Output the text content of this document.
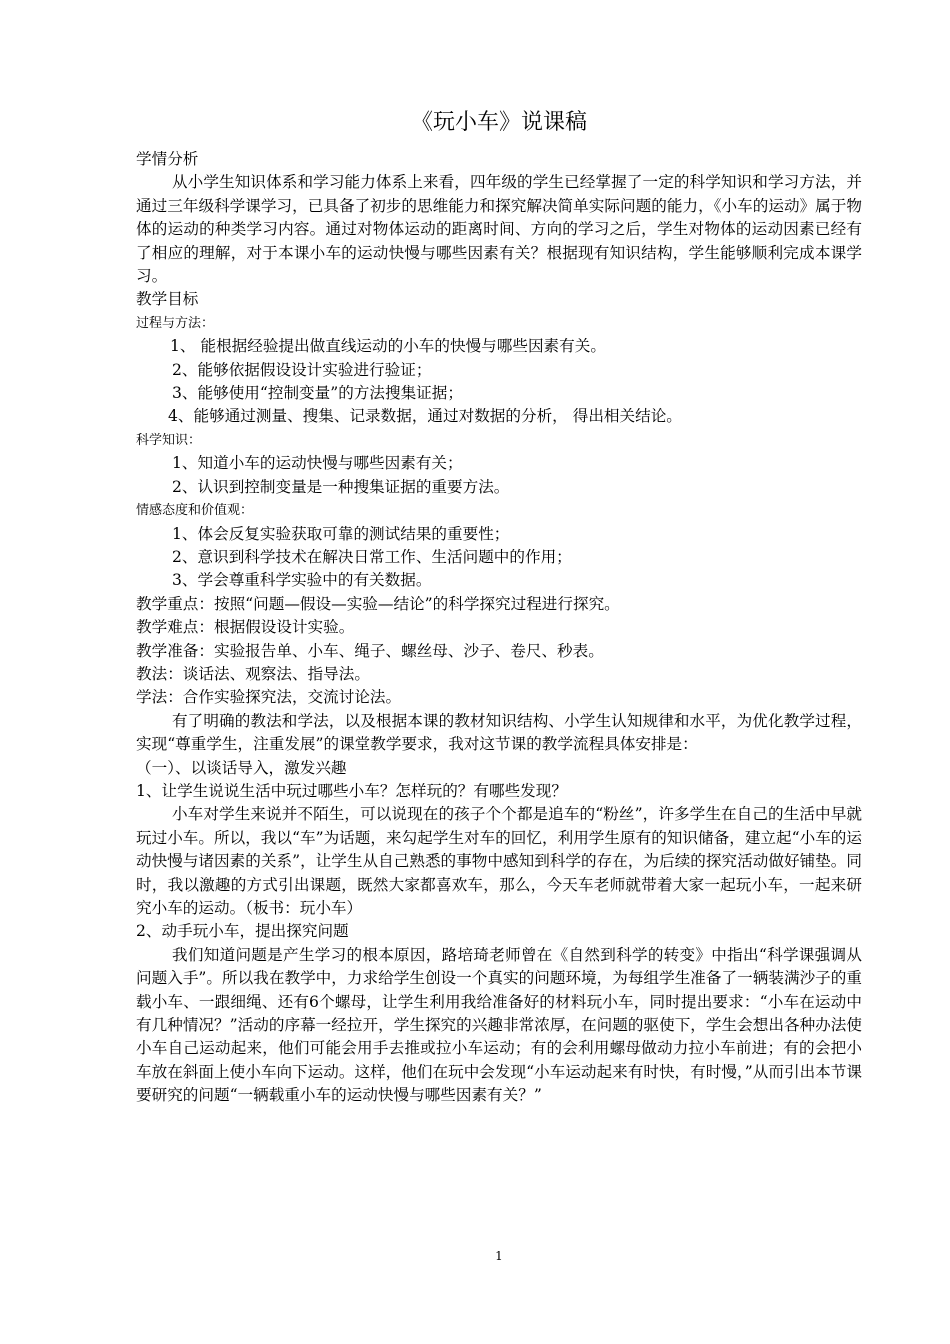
《玩小车》说课稿

学情分析

从小学生知识体系和学习能力体系上来看，四年级的学生已经掌握了一定的科学知识和学习方法，并通过三年级科学课学习，已具备了初步的思维能力和探究解决简单实际问题的能力，《小车的运动》属于物体的运动的种类学习内容。通过对物体运动的距离时间、方向的学习之后，学生对物体的运动因素已经有了相应的理解，对于本课小车的运动快慢与哪些因素有关？根据现有知识结构，学生能够顺利完成本课学习。

教学目标

过程与方法：

1、 能根据经验提出做直线运动的小车的快慢与哪些因素有关。

2、能够依据假设设计实验进行验证；

3、能够使用“控制变量”的方法搜集证据；

4、能够通过测量、搜集、记录数据，通过对数据的分析， 得出相关结论。

科学知识：

1、知道小车的运动快慢与哪些因素有关；

2、认识到控制变量是一种搜集证据的重要方法。

情感态度和价值观：

1、体会反复实验获取可靠的测试结果的重要性；

2、意识到科学技术在解决日常工作、生活问题中的作用；

3、学会尊重科学实验中的有关数据。

教学重点：按照“问题—假设—实验—结论”的科学探究过程进行探究。

教学难点：根据假设设计实验。

教学准备：实验报告单、小车、绳子、螺丝母、沙子、卷尺、秒表。

教法：谈话法、观察法、指导法。

学法：合作实验探究法，交流讨论法。

有了明确的教法和学法，以及根据本课的教材知识结构、小学生认知规律和水平，为优化教学过程，实现“尊重学生，注重发展”的课堂教学要求，我对这节课的教学流程具体安排是：

（一）、以谈话导入，激发兴趣

1、让学生说说生活中玩过哪些小车？怎样玩的？有哪些发现？

小车对学生来说并不陌生，可以说现在的孩子个个都是追车的“粉丝”，许多学生在自己的生活中早就玩过小车。所以，我以“车”为话题，来勾起学生对车的回忆，利用学生原有的知识储备，建立起“小车的运动快慢与诸因素的关系”，让学生从自己熟悉的事物中感知到科学的存在，为后续的探究活动做好铺垫。同时，我以激趣的方式引出课题，既然大家都喜欢车，那么，今天车老师就带着大家一起玩小车，一起来研究小车的运动。（板书：玩小车）

2、动手玩小车，提出探究问题

我们知道问题是产生学习的根本原因，路培琦老师曾在《自然到科学的转变》中指出“科学课强调从问题入手”。所以我在教学中，力求给学生创设一个真实的问题环境，为每组学生准备了一辆装满沙子的重载小车、一跟细绳、还有6个螺母，让学生利用我给准备好的材料玩小车，同时提出要求：“小车在运动中有几种情况？”活动的序幕一经拉开，学生探究的兴趣非常浓厚，在问题的驱使下，学生会想出各种办法使小车自己运动起来，他们可能会用手去推或拉小车运动；有的会利用螺母做动力拉小车前进；有的会把小车放在斜面上使小车向下运动。这样，他们在玩中会发现“小车运动起来有时快，有时慢，”从而引出本节课要研究的问题“一辆载重小车的运动快慢与哪些因素有关？”

1
